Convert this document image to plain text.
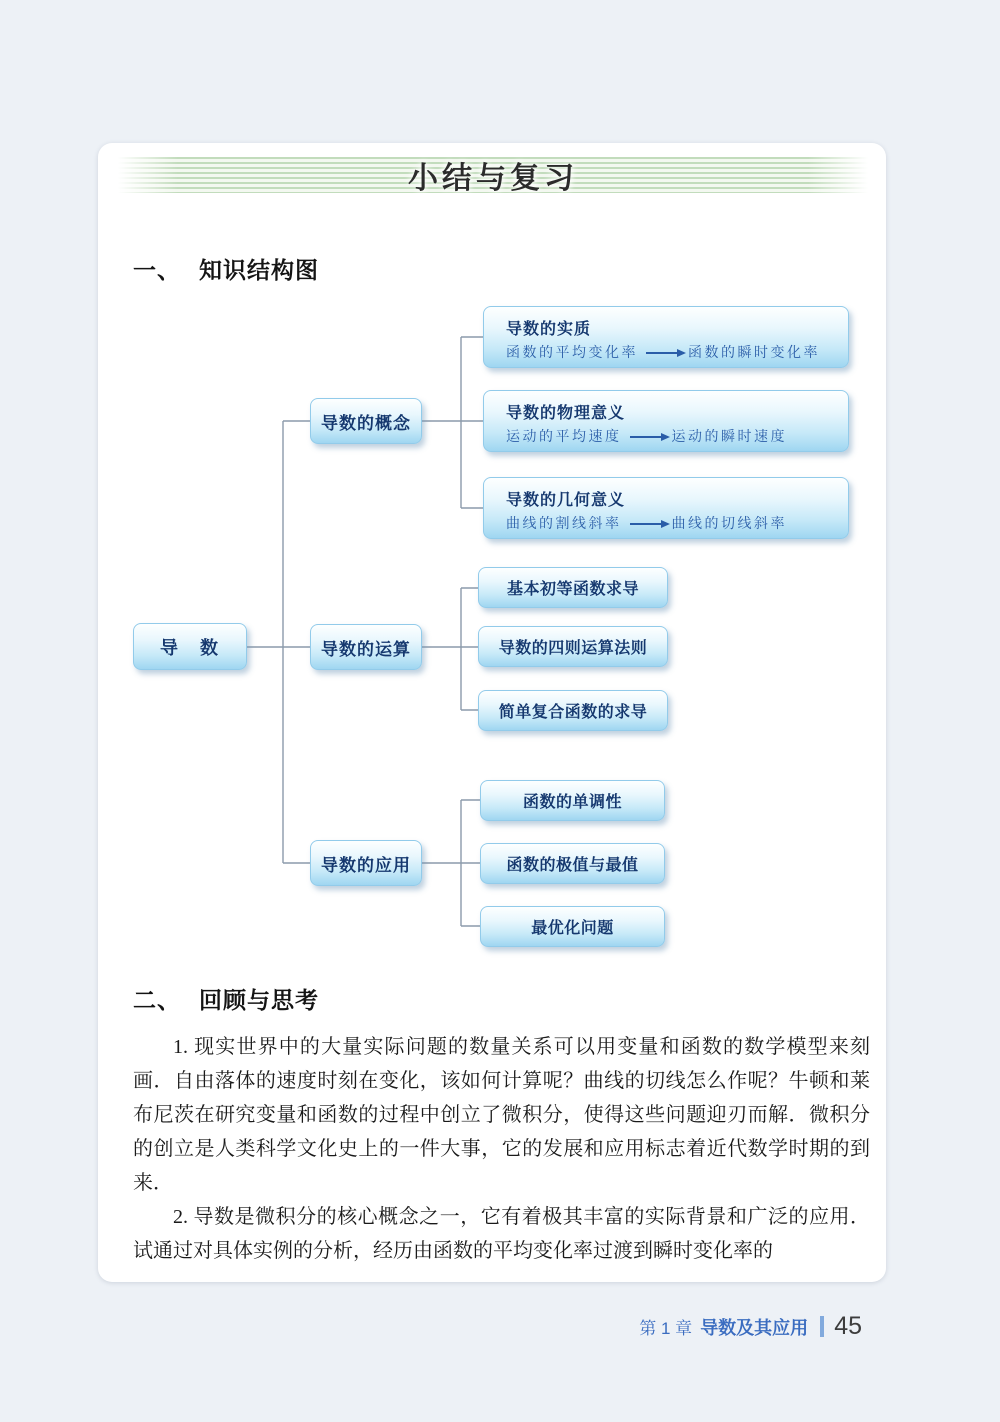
小结与复习
一、 知识结构图
导　数
导数的概念
导数的运算
导数的应用
导数的实质
函数的平均变化率	函数的瞬时变化率
导数的物理意义
运动的平均速度	运动的瞬时速度
导数的几何意义
曲线的割线斜率	曲线的切线斜率
基本初等函数求导
导数的四则运算法则
简单复合函数的求导
函数的单调性
函数的极值与最值
最优化问题
二、 回顾与思考

1. 现实世界中的大量实际问题的数量关系可以用变量和函数的数学模型来刻画．自由落体的速度时刻在变化，该如何计算呢？曲线的切线怎么作呢？牛顿和莱布尼茨在研究变量和函数的过程中创立了微积分，使得这些问题迎刃而解．微积分的创立是人类科学文化史上的一件大事，它的发展和应用标志着近代数学时期的到来．

2. 导数是微积分的核心概念之一，它有着极其丰富的实际背景和广泛的应用．试通过对具体实例的分析，经历由函数的平均变化率过渡到瞬时变化率的

第 1 章 导数及其应用 45
